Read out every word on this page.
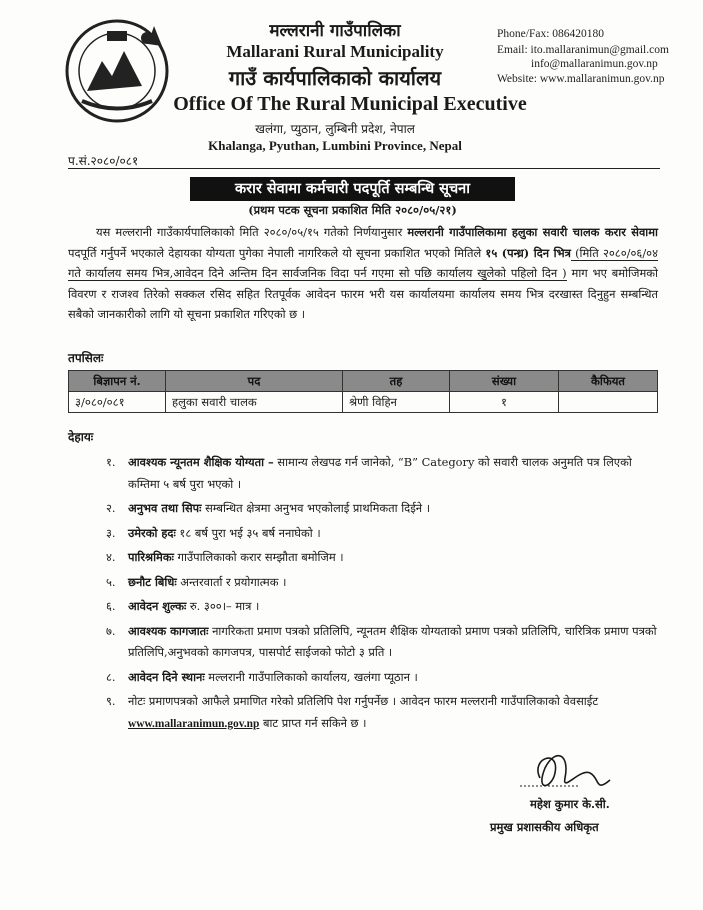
मल्लरानी गाउँपालिका
Mallarani Rural Municipality
गाउँ कार्यपालिकाको कार्यालय
Office Of The Rural Municipal Executive
खलंगा, प्युठान, लुम्बिनी प्रदेश, नेपाल
Khalanga, Pyuthan, Lumbini Province, Nepal
Phone/Fax: 086420180
Email: ito.mallaranimun@gmail.com
info@mallaranimun.gov.np
Website: www.mallaranimun.gov.np
प.सं.२०८०/०८१
करार सेवामा कर्मचारी पदपूर्ति सम्बन्धि सूचना
(प्रथम पटक सूचना प्रकाशित मिति २०८०/०५/२१)

यस मल्लरानी गाउँकार्यपालिकाको मिति २०८०/०५/१५ गतेको निर्णयानुसार मल्लरानी गाउँपालिकामा हलुका सवारी चालक करार सेवामा पदपूर्ति गर्नुपर्ने भएकाले देहायका योग्यता पुगेका नेपाली नागरिकले यो सूचना प्रकाशित भएको मितिले १५ (पन्ध्र) दिन भित्र (मिति २०८०/०६/०४ गते कार्यालय समय भित्र,आवेदन दिने अन्तिम दिन सार्वजनिक विदा पर्न गएमा सो पछि कार्यालय खुलेको पहिलो दिन ) माग भए बमोजिमको विवरण र राजश्व तिरेको सक्कल रसिद सहित रितपूर्वक आवेदन फारम भरी यस कार्यालयमा कार्यालय समय भित्र दरखास्त दिनुहुन सम्बन्धित सबैको जानकारीको लागि यो सूचना प्रकाशित गरिएको छ ।

तपसिलः
बिज्ञापन नं.	पद	तह	संख्या	कैफियत
३/०८०/०८१	हलुका सवारी चालक	श्रेणी विहिन	१	
देहायः
१. आवश्यक न्यूनतम शैक्षिक योग्यता – सामान्य लेखपढ गर्न जानेको, “B” Category को सवारी चालक अनुमति पत्र लिएको कम्तिमा ५ बर्ष पुरा भएको ।
२. अनुभव तथा सिपः सम्बन्धित क्षेत्रमा अनुभव भएकोलाई प्राथमिकता दिईने ।
३. उमेरको हदः १८ बर्ष पुरा भई ३५ बर्ष ननाघेको ।
४. पारिश्रमिकः गाउँपालिकाको करार सम्झौता बमोजिम ।
५. छनौट बिधिः अन्तरवार्ता र प्रयोगात्मक ।
६. आवेदन शुल्कः रु. ३००।– मात्र ।
७. आवश्यक कागजातः नागरिकता प्रमाण पत्रको प्रतिलिपि, न्यूनतम शैक्षिक योग्यताको प्रमाण पत्रको प्रतिलिपि, चारित्रिक प्रमाण पत्रको प्रतिलिपि,अनुभवको कागजपत्र, पासपोर्ट साईजको फोटो ३ प्रति ।
८. आवेदन दिने स्थानः मल्लरानी गाउँपालिकाको कार्यालय, खलंगा प्यूठान ।
९. नोटः प्रमाणपत्रको आफैले प्रमाणित गरेको प्रतिलिपि पेश गर्नुपर्नेछ । आवेदन फारम मल्लरानी गाउँपालिकाको वेवसाईट www.mallaranimun.gov.np बाट प्राप्त गर्न सकिने छ ।
महेश कुमार के.सी.
प्रमुख प्रशासकीय अधिकृत
